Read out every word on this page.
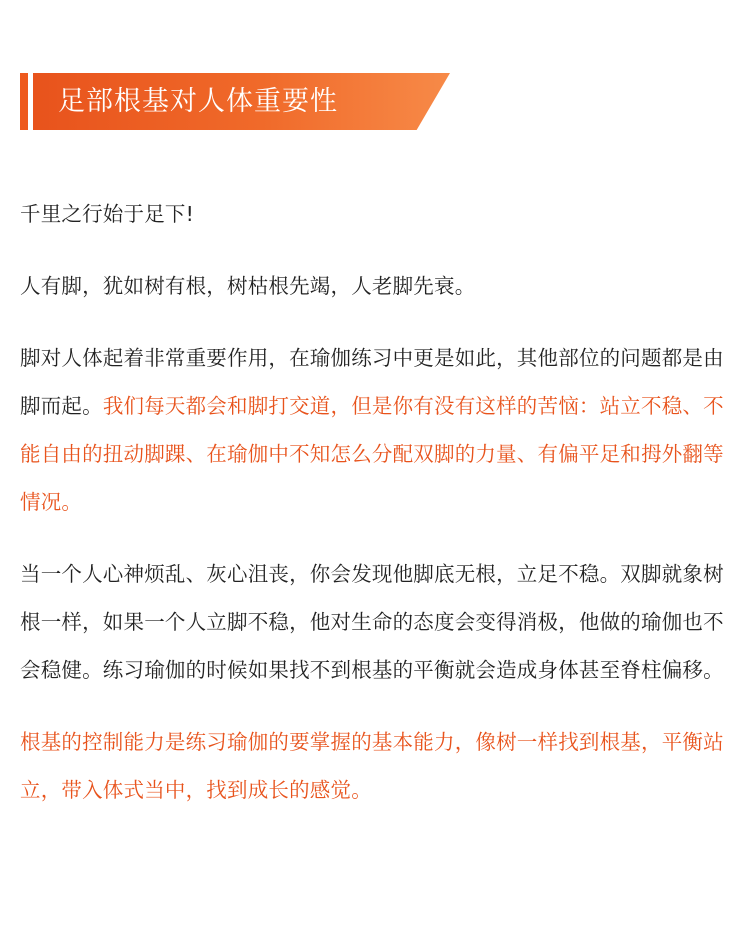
足部根基对人体重要性

千里之行始于足下!

人有脚，犹如树有根，树枯根先竭，人老脚先衰。

脚对人体起着非常重要作用，在瑜伽练习中更是如此，其他部位的问题都是由脚而起。我们每天都会和脚打交道，但是你有没有这样的苦恼：站立不稳、不能自由的扭动脚踝、在瑜伽中不知怎么分配双脚的力量、有偏平足和拇外翻等情况。

当一个人心神烦乱、灰心沮丧，你会发现他脚底无根，立足不稳。双脚就象树根一样，如果一个人立脚不稳，他对生命的态度会变得消极，他做的瑜伽也不会稳健。练习瑜伽的时候如果找不到根基的平衡就会造成身体甚至脊柱偏移。

根基的控制能力是练习瑜伽的要掌握的基本能力，像树一样找到根基，平衡站立，带入体式当中，找到成长的感觉。
